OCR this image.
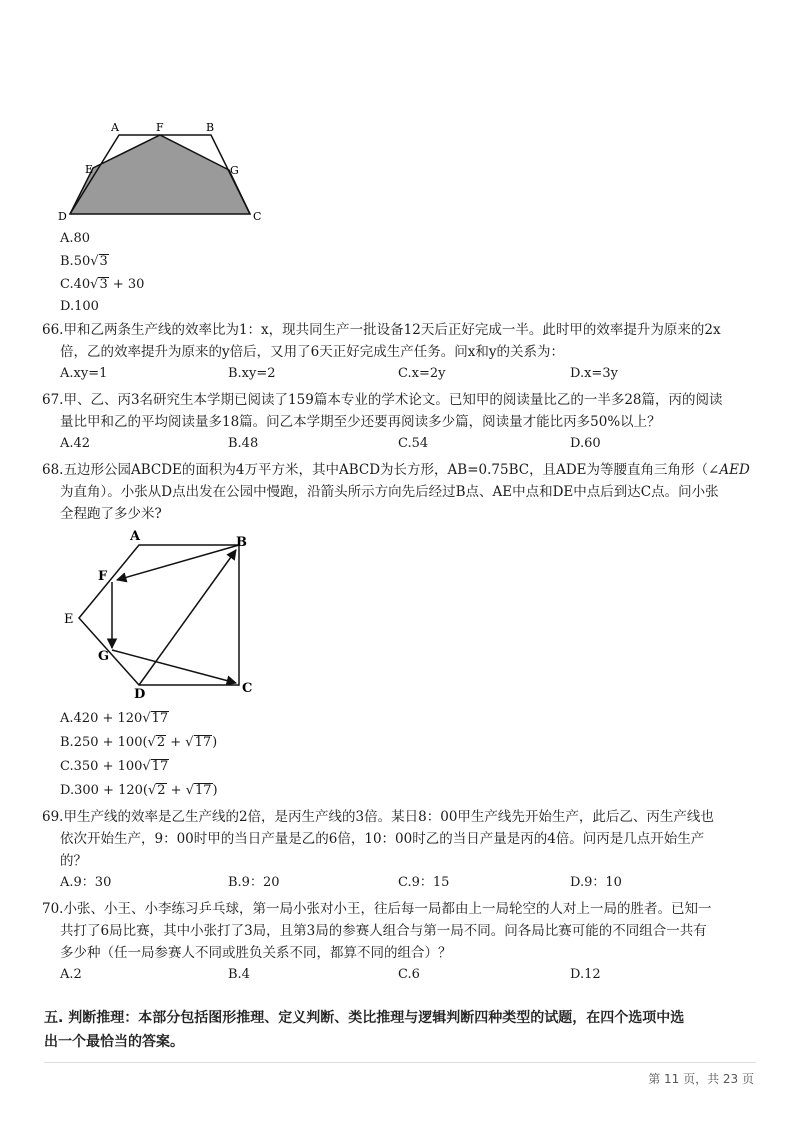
A	F	B
E	G
D	C
A.80
B.50√3
C.40√3 + 30
D.100
66.甲和乙两条生产线的效率比为1：x，现共同生产一批设备12天后正好完成一半。此时甲的效率提升为原来的2x
倍，乙的效率提升为原来的y倍后，又用了6天正好完成生产任务。问x和y的关系为：
A.xy=1	B.xy=2	C.x=2y	D.x=3y
67.甲、乙、丙3名研究生本学期已阅读了159篇本专业的学术论文。已知甲的阅读量比乙的一半多28篇，丙的阅读
量比甲和乙的平均阅读量多18篇。问乙本学期至少还要再阅读多少篇，阅读量才能比丙多50%以上？
A.42	B.48	C.54	D.60
68.五边形公园ABCDE的面积为4万平方米，其中ABCD为长方形，AB=0.75BC，且ADE为等腰直角三角形（∠AED
为直角）。小张从D点出发在公园中慢跑，沿箭头所示方向先后经过B点、AE中点和DE中点后到达C点。问小张
全程跑了多少米?
A	B
F
E
G
D	C
A.420 + 120√17
B.250 + 100(√2 + √17)
C.350 + 100√17
D.300 + 120(√2 + √17)
69.甲生产线的效率是乙生产线的2倍，是丙生产线的3倍。某日8：00甲生产线先开始生产，此后乙、丙生产线也
依次开始生产，9：00时甲的当日产量是乙的6倍，10：00时乙的当日产量是丙的4倍。问丙是几点开始生产
的？
A.9：30	B.9：20	C.9：15	D.9：10
70.小张、小王、小李练习乒乓球，第一局小张对小王，往后每一局都由上一局轮空的人对上一局的胜者。已知一
共打了6局比赛，其中小张打了3局，且第3局的参赛人组合与第一局不同。问各局比赛可能的不同组合一共有
多少种（任一局参赛人不同或胜负关系不同，都算不同的组合）？
A.2	B.4	C.6	D.12
五. 判断推理：本部分包括图形推理、定义判断、类比推理与逻辑判断四种类型的试题，在四个选项中选
出一个最恰当的答案。
第 11 页，共 23 页
